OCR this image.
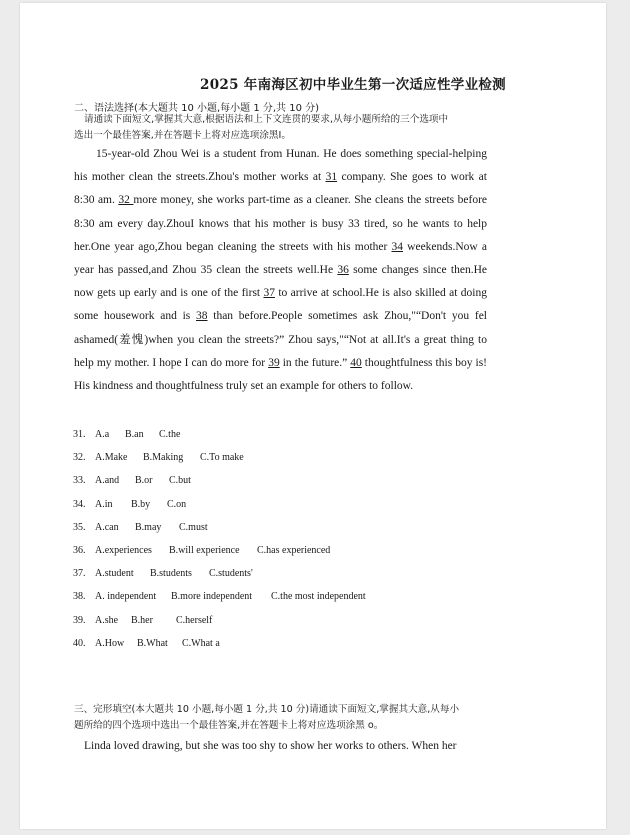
2025 年南海区初中毕业生第一次适应性学业检测
二、语法选择(本大题共 10 小题,每小题 1 分,共 10 分)
请通读下面短文,掌握其大意,根据语法和上下文连贯的要求,从每小题所给的三个选项中
选出一个最佳答案,并在答题卡上将对应选项涂黑Ⅰ。

15-year-old Zhou Wei is a student from Hunan. He does something special-helping his mother clean the streets.Zhou's mother works at 31 company. She goes to work at 8:30 am. 32 more money, she works part-time as a cleaner. She cleans the streets before 8:30 am every day.ZhouI knows that his mother is busy 33 tired, so he wants to help her.One year ago,Zhou began cleaning the streets with his mother 34 weekends.Now a year has passed,and Zhou 35 clean the streets well.He 36 some changes since then.He now gets up early and is one of the first 37 to arrive at school.He is also skilled at doing some housework and is 38 than before.People sometimes ask Zhou,"“Don't you fel ashamed(羞愧)when you clean the streets?” Zhou says,"“Not at all.It's a great thing to help my mother. I hope I can do more for 39 in the future.” 40 thoughtfulness this boy is! His kindness and thoughtfulness truly set an example for others to follow.

31. A.a B.an C.the
32. A.Make B.Making C.To make
33. A.and B.or C.but
34. A.in B.by C.on
35. A.can B.may C.must
36. A.experiences B.will experience C.has experienced
37. A.student B.students C.students'
38. A. independent B.more independent C.the most independent
39. A.she B.her C.herself
40. A.How B.What C.What a
三、完形填空(本大题共 10 小题,每小题 1 分,共 10 分)请通读下面短文,掌握其大意,从每小
题所给的四个选项中选出一个最佳答案,并在答题卡上将对应选项涂黑 o。

Linda loved drawing, but she was too shy to show her works to others. When her
